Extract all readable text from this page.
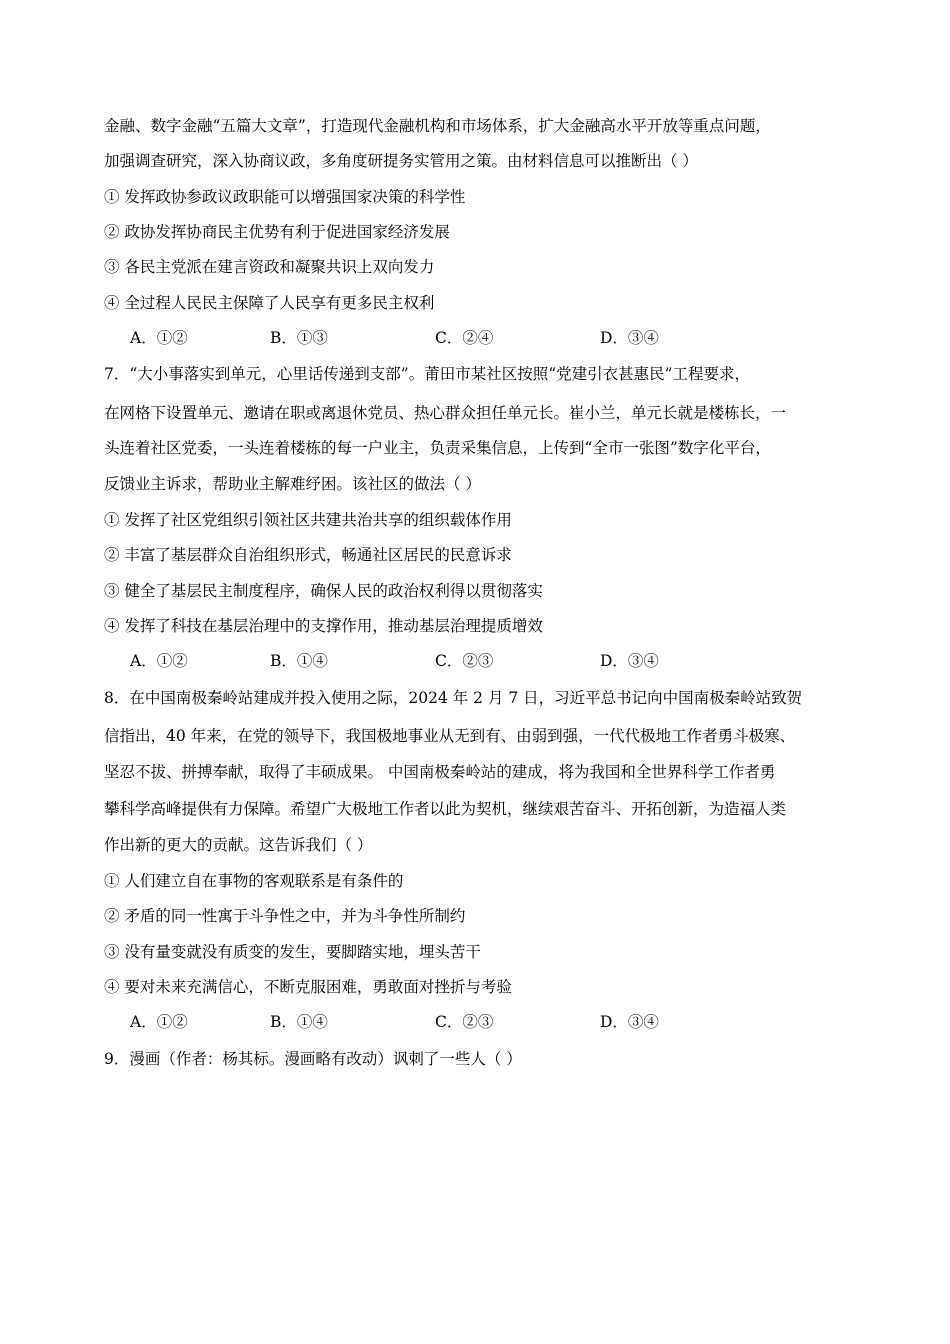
金融、数字金融“五篇大文章”，打造现代金融机构和市场体系，扩大金融高水平开放等重点问题，
加强调查研究，深入协商议政，多角度研提务实管用之策。由材料信息可以推断出（ ）
① 发挥政协参政议政职能可以增强国家决策的科学性
② 政协发挥协商民主优势有利于促进国家经济发展
③ 各民主党派在建言资政和凝聚共识上双向发力
④ 全过程人民民主保障了人民享有更多民主权利
A．①②	B．①③	C．②④	D．③④
7．“大小事落实到单元，心里话传递到支部”。莆田市某社区按照“党建引衣甚惠民”工程要求，
在网格下设置单元、邀请在职或离退休党员、热心群众担任单元长。崔小兰，单元长就是楼栋长，一
头连着社区党委，一头连着楼栋的每一户业主，负责采集信息，上传到“全市一张图”数字化平台，
反馈业主诉求，帮助业主解难纾困。该社区的做法（ ）
① 发挥了社区党组织引领社区共建共治共享的组织载体作用
② 丰富了基层群众自治组织形式，畅通社区居民的民意诉求
③ 健全了基层民主制度程序，确保人民的政治权利得以贯彻落实
④ 发挥了科技在基层治理中的支撑作用，推动基层治理提质增效
A．①②	B．①④	C．②③	D．③④
8．在中国南极秦岭站建成并投入使用之际，2024 年 2 月 7 日，习近平总书记向中国南极秦岭站致贺
信指出，40 年来，在党的领导下，我国极地事业从无到有、由弱到强，一代代极地工作者勇斗极寒、
坚忍不拔、拼搏奉献，取得了丰硕成果。 中国南极秦岭站的建成，将为我国和全世界科学工作者勇
攀科学高峰提供有力保障。希望广大极地工作者以此为契机，继续艰苦奋斗、开拓创新，为造福人类
作出新的更大的贡献。这告诉我们（ ）
① 人们建立自在事物的客观联系是有条件的
② 矛盾的同一性寓于斗争性之中，并为斗争性所制约
③ 没有量变就没有质变的发生，要脚踏实地，埋头苦干
④ 要对未来充满信心，不断克服困难，勇敢面对挫折与考验
A．①②	B．①④	C．②③	D．③④
9．漫画（作者：杨其标。漫画略有改动）讽刺了一些人（ ）
